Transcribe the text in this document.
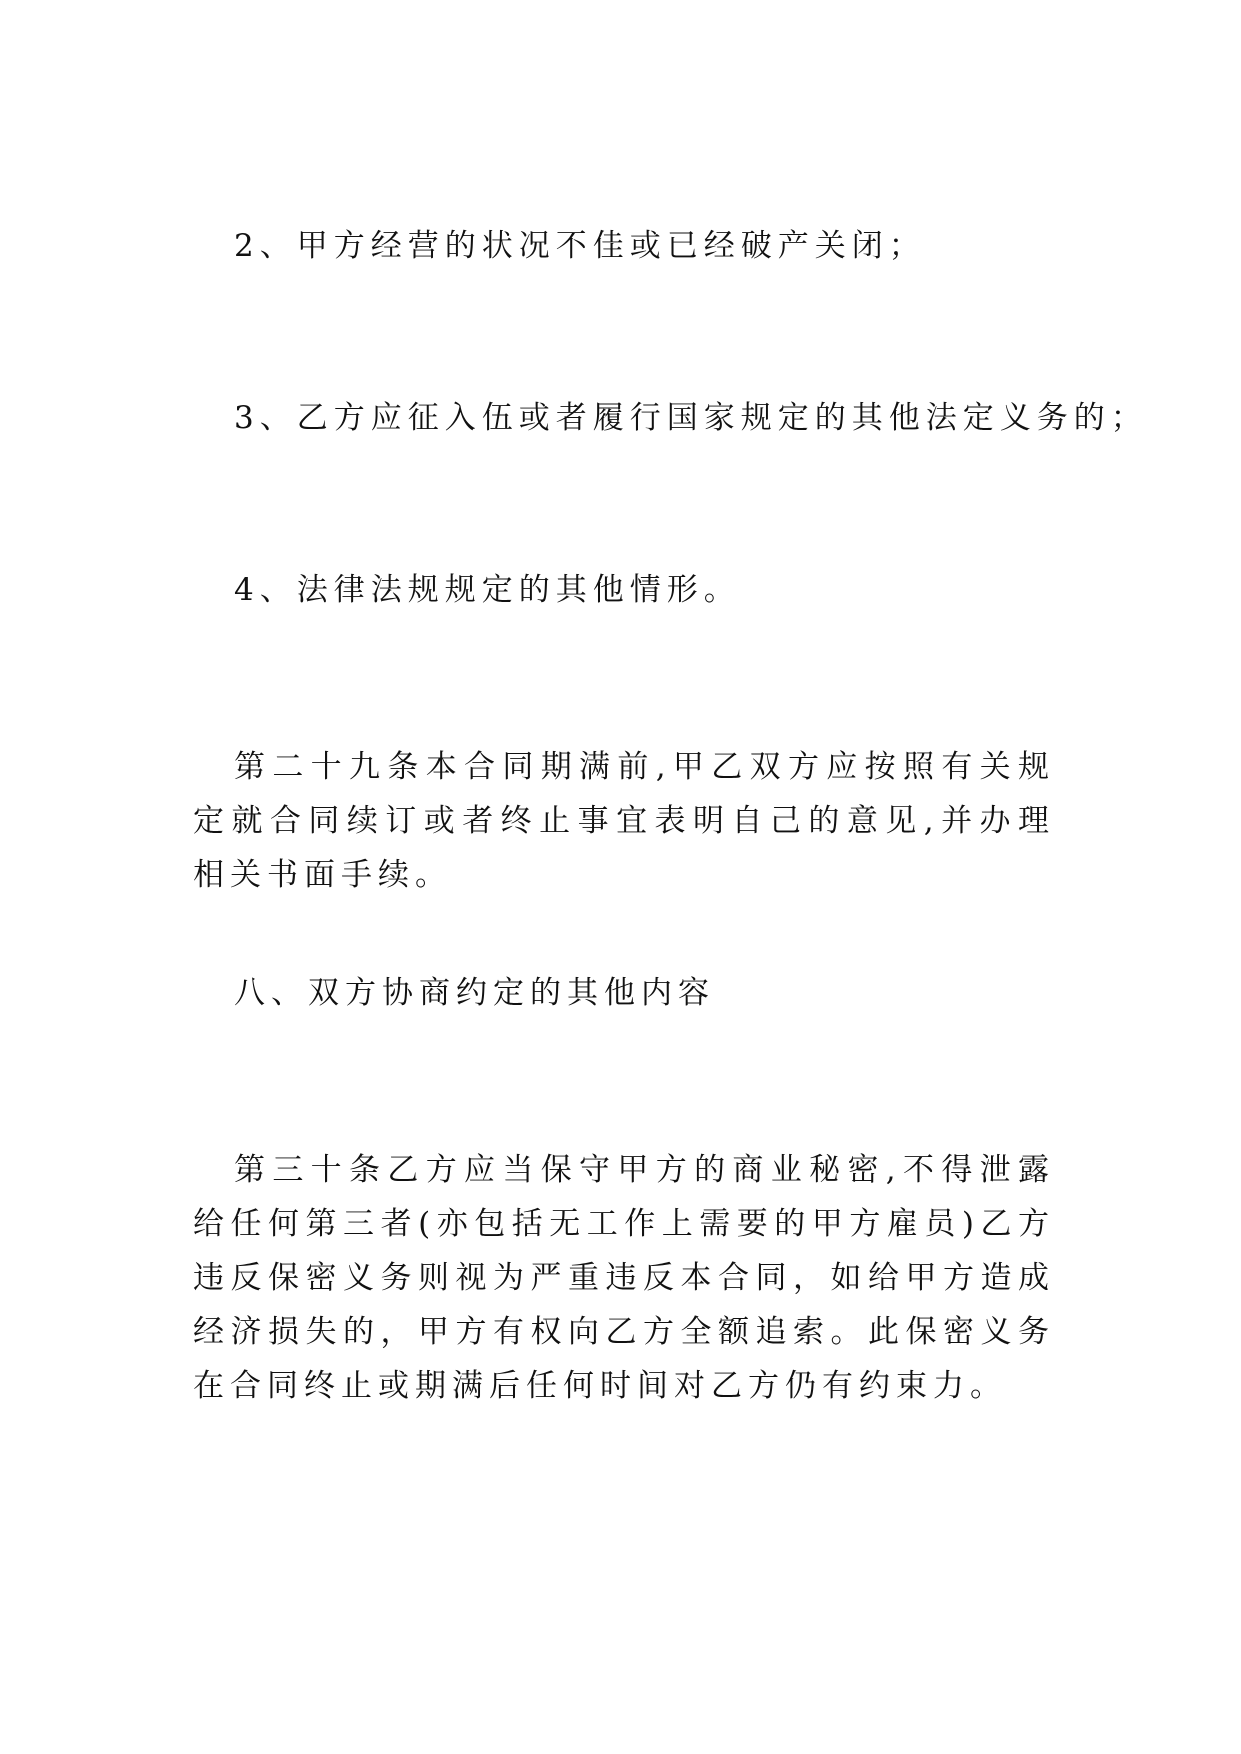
2、甲方经营的状况不佳或已经破产关闭；

3、乙方应征入伍或者履行国家规定的其他法定义务的；

4、法律法规规定的其他情形。

第二十九条本合同期满前,甲乙双方应按照有关规定就合同续订或者终止事宜表明自己的意见,并办理相关书面手续。

八、双方协商约定的其他内容

第三十条乙方应当保守甲方的商业秘密,不得泄露给任何第三者(亦包括无工作上需要的甲方雇员)乙方违反保密义务则视为严重违反本合同，如给甲方造成经济损失的，甲方有权向乙方全额追索。此保密义务在合同终止或期满后任何时间对乙方仍有约束力。
